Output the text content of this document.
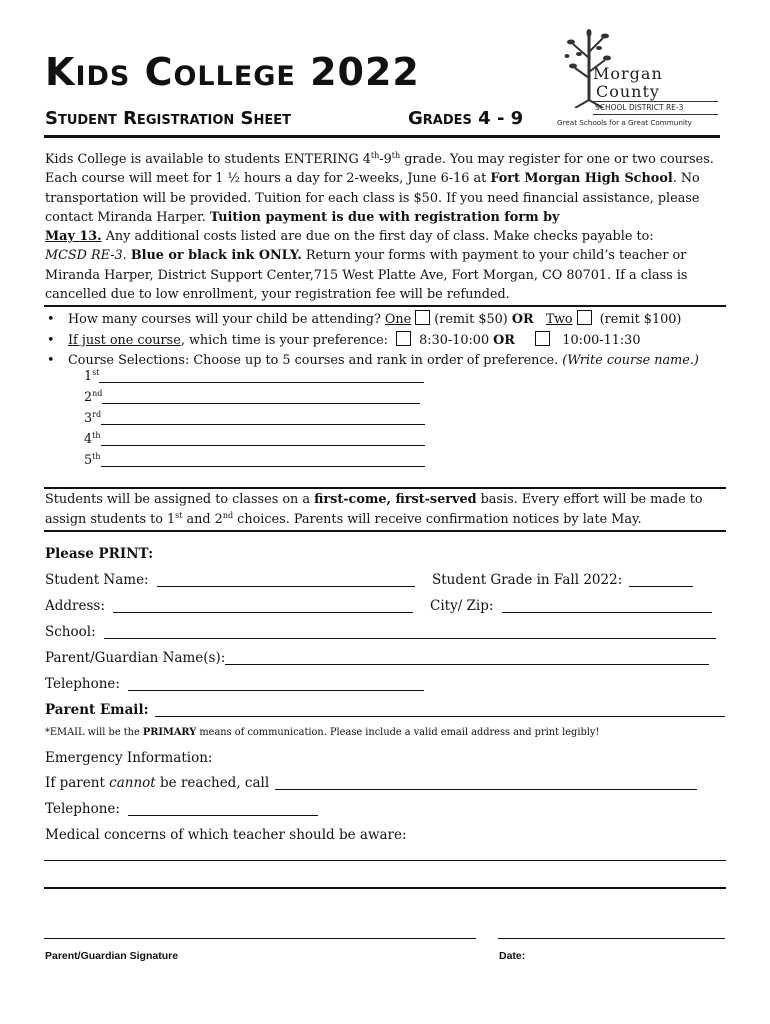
Kids College 2022
Student Registration Sheet	Grades 4 - 9
Morgan
County
SCHOOL DISTRICT RE-3
Great Schools for a Great Community
Kids College is available to students ENTERING 4th-9th grade. You may register for one or two courses. Each course will meet for 1 ½ hours a day for 2-weeks, June 6-16 at Fort Morgan High School. No transportation will be provided. Tuition for each class is $50. If you need financial assistance, please contact Miranda Harper. Tuition payment is due with registration form by
May 13. Any additional costs listed are due on the first day of class. Make checks payable to:
MCSD RE-3. Blue or black ink ONLY. Return your forms with payment to your child’s teacher or Miranda Harper, District Support Center,715 West Platte Ave, Fort Morgan, CO 80701. If a class is cancelled due to low enrollment, your registration fee will be refunded.
• How many courses will your child be attending? One (remit $50) OR Two (remit $100)
• If just one course, which time is your preference:  8:30-10:00 OR	10:00-11:30
• Course Selections: Choose up to 5 courses and rank in order of preference. (Write course name.)
1st
2nd
3rd
4th
5th
Students will be assigned to classes on a first-come, first-served basis. Every effort will be made to assign students to 1st and 2nd choices. Parents will receive confirmation notices by late May.
Please PRINT:
Student Name:	Student Grade in Fall 2022:
Address:	City/ Zip:
School:
Parent/Guardian Name(s):
Telephone:
Parent Email:
*EMAIL will be the PRIMARY means of communication. Please include a valid email address and print legibly!
Emergency Information:
If parent cannot be reached, call
Telephone:
Medical concerns of which teacher should be aware:
Parent/Guardian Signature	Date:
